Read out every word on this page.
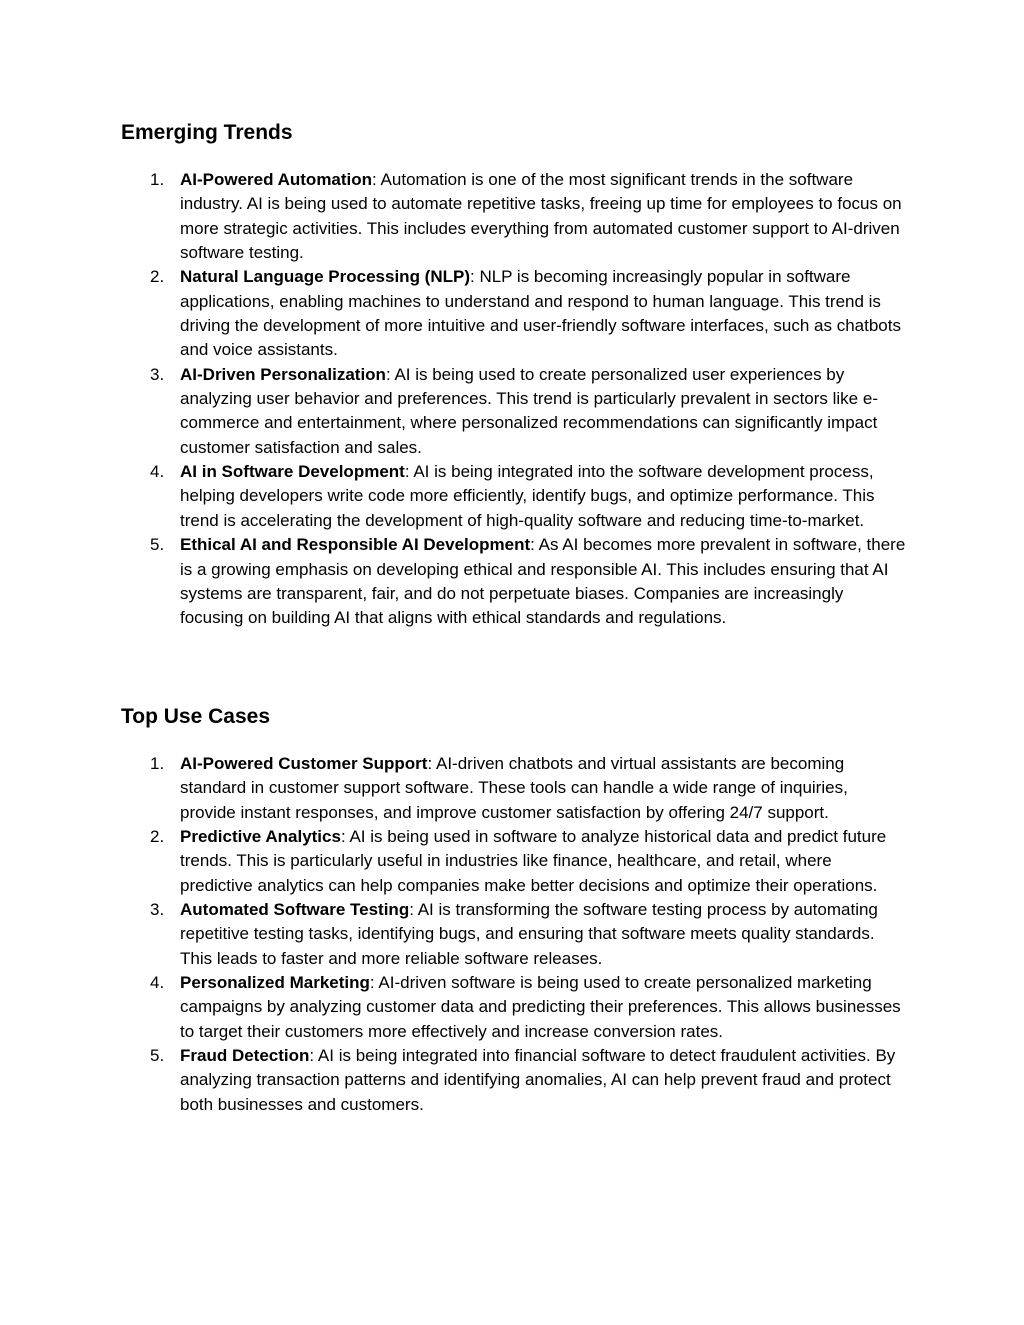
Emerging Trends
1. AI-Powered Automation: Automation is one of the most significant trends in the software industry. AI is being used to automate repetitive tasks, freeing up time for employees to focus on more strategic activities. This includes everything from automated customer support to AI-driven software testing.
2. Natural Language Processing (NLP): NLP is becoming increasingly popular in software applications, enabling machines to understand and respond to human language. This trend is driving the development of more intuitive and user-friendly software interfaces, such as chatbots and voice assistants.
3. AI-Driven Personalization: AI is being used to create personalized user experiences by analyzing user behavior and preferences. This trend is particularly prevalent in sectors like e-commerce and entertainment, where personalized recommendations can significantly impact customer satisfaction and sales.
4. AI in Software Development: AI is being integrated into the software development process, helping developers write code more efficiently, identify bugs, and optimize performance. This trend is accelerating the development of high-quality software and reducing time-to-market.
5. Ethical AI and Responsible AI Development: As AI becomes more prevalent in software, there is a growing emphasis on developing ethical and responsible AI. This includes ensuring that AI systems are transparent, fair, and do not perpetuate biases. Companies are increasingly focusing on building AI that aligns with ethical standards and regulations.
Top Use Cases
1. AI-Powered Customer Support: AI-driven chatbots and virtual assistants are becoming standard in customer support software. These tools can handle a wide range of inquiries, provide instant responses, and improve customer satisfaction by offering 24/7 support.
2. Predictive Analytics: AI is being used in software to analyze historical data and predict future trends. This is particularly useful in industries like finance, healthcare, and retail, where predictive analytics can help companies make better decisions and optimize their operations.
3. Automated Software Testing: AI is transforming the software testing process by automating repetitive testing tasks, identifying bugs, and ensuring that software meets quality standards. This leads to faster and more reliable software releases.
4. Personalized Marketing: AI-driven software is being used to create personalized marketing campaigns by analyzing customer data and predicting their preferences. This allows businesses to target their customers more effectively and increase conversion rates.
5. Fraud Detection: AI is being integrated into financial software to detect fraudulent activities. By analyzing transaction patterns and identifying anomalies, AI can help prevent fraud and protect both businesses and customers.
